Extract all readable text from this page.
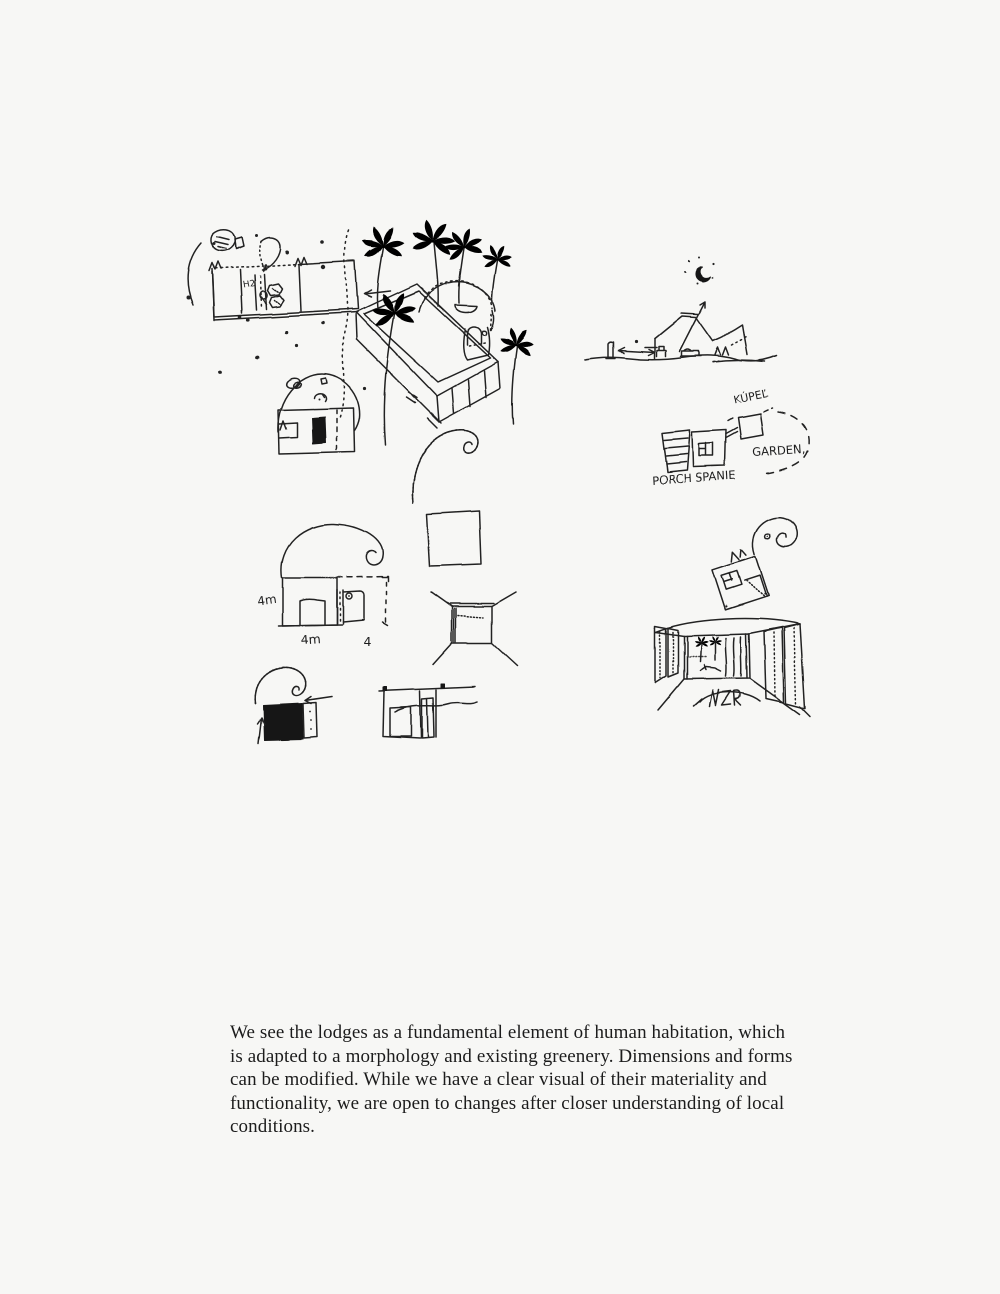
H2
KÚPEĽ
GARDEN,
PORCH SPANIE
4m
4m	4
We see the lodges as a fundamental element of human habitation, which
is adapted to a morphology and existing greenery. Dimensions and forms
can be modified. While we have a clear visual of their materiality and
functionality, we are open to changes after closer understanding of local
conditions.
